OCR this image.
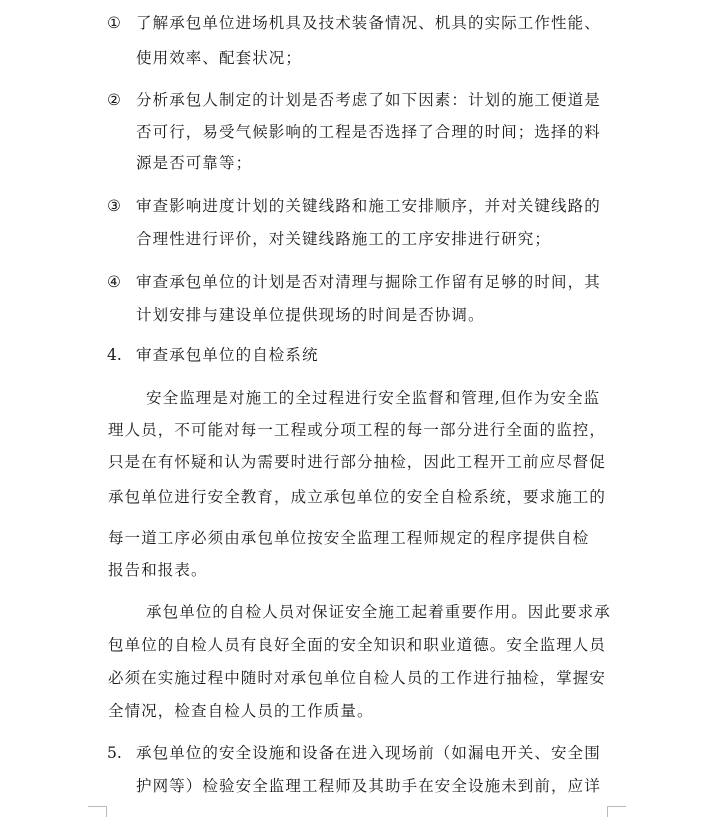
① 了解承包单位进场机具及技术装备情况、机具的实际工作性能、
使用效率、配套状况；
② 分析承包人制定的计划是否考虑了如下因素：计划的施工便道是
否可行，易受气候影响的工程是否选择了合理的时间；选择的料
源是否可靠等；
③ 审查影响进度计划的关键线路和施工安排顺序，并对关键线路的
合理性进行评价，对关键线路施工的工序安排进行研究；
④ 审查承包单位的计划是否对清理与掘除工作留有足够的时间，其
计划安排与建设单位提供现场的时间是否协调。
4. 审查承包单位的自检系统
安全监理是对施工的全过程进行安全监督和管理,但作为安全监
理人员，不可能对每一工程或分项工程的每一部分进行全面的监控，
只是在有怀疑和认为需要时进行部分抽检，因此工程开工前应尽督促
承包单位进行安全教育，成立承包单位的安全自检系统，要求施工的
每一道工序必须由承包单位按安全监理工程师规定的程序提供自检
报告和报表。
承包单位的自检人员对保证安全施工起着重要作用。因此要求承
包单位的自检人员有良好全面的安全知识和职业道德。安全监理人员
必须在实施过程中随时对承包单位自检人员的工作进行抽检，掌握安
全情况，检查自检人员的工作质量。
5. 承包单位的安全设施和设备在进入现场前（如漏电开关、安全围
护网等）检验安全监理工程师及其助手在安全设施未到前，应详
